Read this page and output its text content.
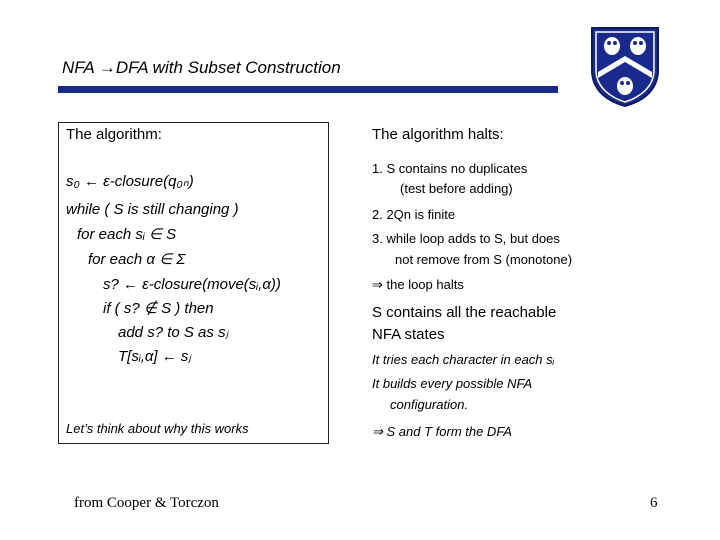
NFA →DFA with Subset Construction
The algorithm:
s₀ ← ε-closure(q₀ₙ)
while ( S is still changing )
for each sᵢ ∈ S
for each α ∈ Σ
s? ← ε-closure(move(sᵢ,α))
if ( s? ∉ S ) then
add s? to S as sⱼ
T[sᵢ,α] ← sⱼ
Let’s think about why this works
The algorithm halts:
1. S contains no duplicates
(test before adding)
2. 2Qn is finite
3. while loop adds to S, but does
not remove from S (monotone)
⇒ the loop halts
S contains all the reachable
NFA states
It tries each character in each sᵢ
It builds every possible NFA
configuration.
⇒ S and T form the DFA
from Cooper & Torczon	6
